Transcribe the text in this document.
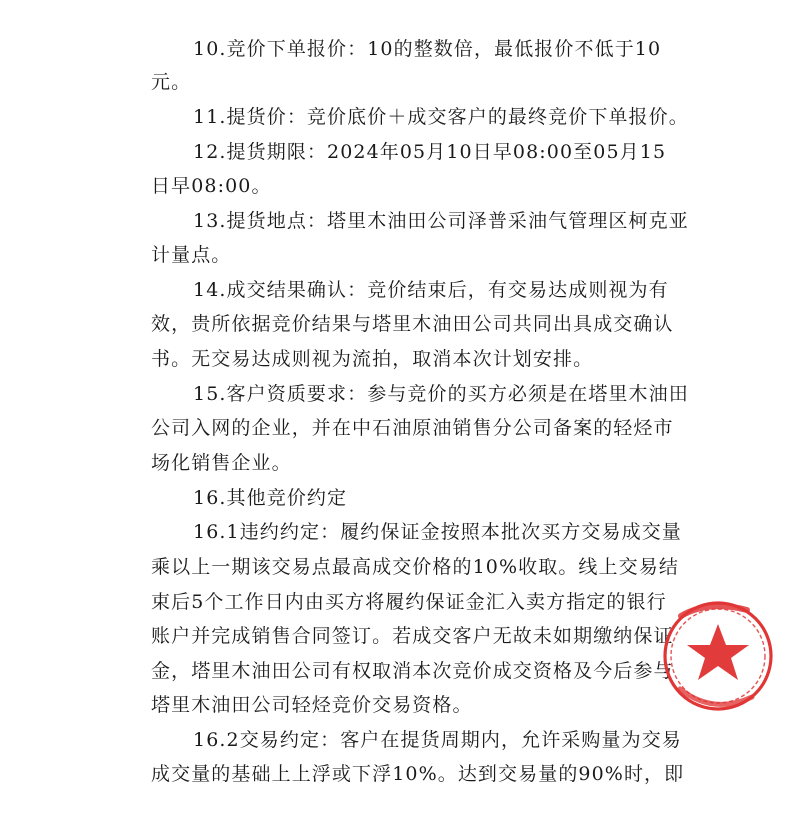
10.竞价下单报价：10的整数倍，最低报价不低于10
元。
11.提货价：竞价底价＋成交客户的最终竞价下单报价。
12.提货期限：2024年05月10日早08:00至05月15
日早08:00。
13.提货地点：塔里木油田公司泽普采油气管理区柯克亚
计量点。
14.成交结果确认：竞价结束后，有交易达成则视为有
效，贵所依据竞价结果与塔里木油田公司共同出具成交确认
书。无交易达成则视为流拍，取消本次计划安排。
15.客户资质要求：参与竞价的买方必须是在塔里木油田
公司入网的企业，并在中石油原油销售分公司备案的轻烃市
场化销售企业。
16.其他竞价约定
16.1违约约定：履约保证金按照本批次买方交易成交量
乘以上一期该交易点最高成交价格的10%收取。线上交易结
束后5个工作日内由买方将履约保证金汇入卖方指定的银行
账户并完成销售合同签订。若成交客户无故未如期缴纳保证
金，塔里木油田公司有权取消本次竞价成交资格及今后参与
塔里木油田公司轻烃竞价交易资格。
16.2交易约定：客户在提货周期内，允许采购量为交易
成交量的基础上上浮或下浮10%。达到交易量的90%时，即
